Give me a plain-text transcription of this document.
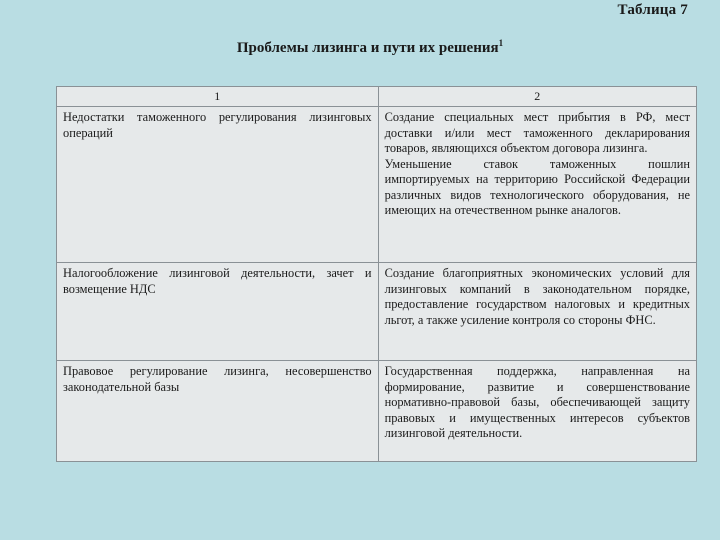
Таблица 7
Проблемы лизинга и пути их решения$^1$
1	2
Недостатки таможенного регулирования лизинговых операций	Создание специальных мест прибытия в РФ, мест доставки и/или мест таможенного декларирования товаров, являющихся объектом договора лизинга.
Уменьшение ставок таможенных пошлин импортируемых на территорию Российской Федерации различных видов технологического оборудования, не имеющих на отечественном рынке аналогов.

Налогообложение лизинговой деятельности, зачет и возмещение НДС	Создание благоприятных экономических условий для лизинговых компаний в законодательном порядке, предоставление государством налоговых и кредитных льгот, а также усиление контроля со стороны ФНС.

Правовое регулирование лизинга, несовершенство законодательной базы	Государственная поддержка, направленная на формирование, развитие и совершенствование нормативно-правовой базы, обеспечивающей защиту правовых и имущественных интересов субъектов лизинговой деятельности.
